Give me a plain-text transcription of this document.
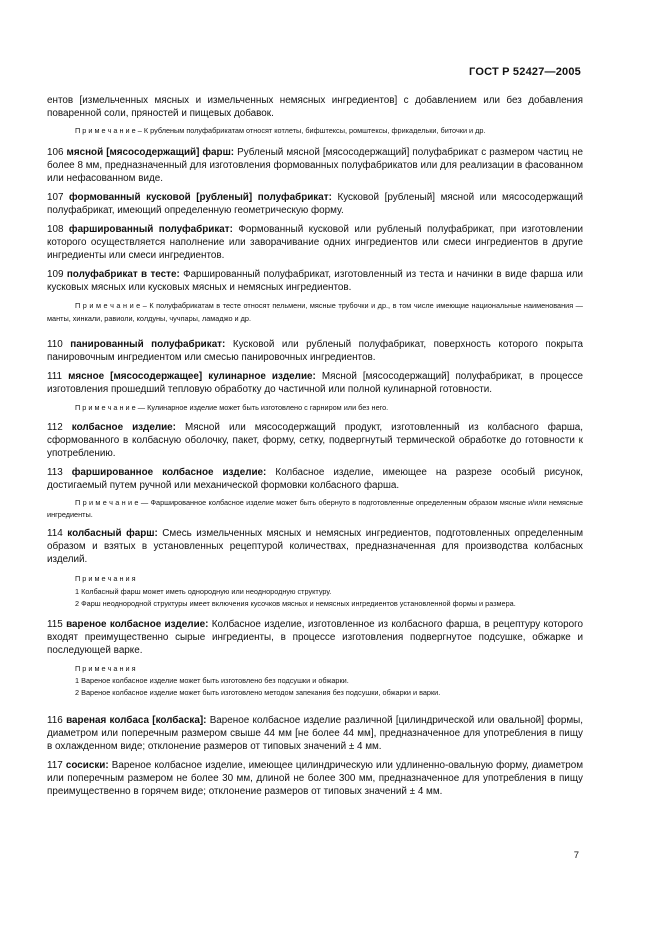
ГОСТ Р 52427—2005

ентов [измельченных мясных и измельченных немясных ингредиентов] с добавлением или без добавления поваренной соли, пряностей и пищевых добавок.

П р и м е ч а н и е – К рубленым полуфабрикатам относят котлеты, бифштексы, ромштексы, фрикадельки, биточки и др.

106 мясной [мясосодержащий] фарш: Рубленый мясной [мясосодержащий] полуфабрикат с размером частиц не более 8 мм, предназначенный для изготовления формованных полуфабрикатов или для реализации в фасованном или нефасованном виде.

107 формованный кусковой [рубленый] полуфабрикат: Кусковой [рубленый] мясной или мясосодержащий полуфабрикат, имеющий определенную геометрическую форму.

108 фаршированный полуфабрикат: Формованный кусковой или рубленый полуфабрикат, при изготовлении которого осуществляется наполнение или заворачивание одних ингредиентов или смеси ингредиентов в другие ингредиенты или смеси ингредиентов.

109 полуфабрикат в тесте: Фаршированный полуфабрикат, изготовленный из теста и начинки в виде фарша или кусковых мясных или кусковых мясных и немясных ингредиентов.

П р и м е ч а н и е – К полуфабрикатам в тесте относят пельмени, мясные трубочки и др., в том числе имеющие национальные наименования — манты, хинкали, равиоли, колдуны, чучпары, ламаджо и др.

110 панированный полуфабрикат: Кусковой или рубленый полуфабрикат, поверхность которого покрыта панировочным ингредиентом или смесью панировочных ингредиентов.

111 мясное [мясосодержащее] кулинарное изделие: Мясной [мясосодержащий] полуфабрикат, в процессе изготовления прошедший тепловую обработку до частичной или полной кулинарной готовности.

П р и м е ч а н и е — Кулинарное изделие может быть изготовлено с гарниром или без него.

112 колбасное изделие: Мясной или мясосодержащий продукт, изготовленный из колбасного фарша, сформованного в колбасную оболочку, пакет, форму, сетку, подвергнутый термической обработке до готовности к употреблению.

113 фаршированное колбасное изделие: Колбасное изделие, имеющее на разрезе особый рисунок, достигаемый путем ручной или механической формовки колбасного фарша.

П р и м е ч а н и е — Фаршированное колбасное изделие может быть обернуто в подготовленные определенным образом мясные и/или немясные ингредиенты.

114 колбасный фарш: Смесь измельченных мясных и немясных ингредиентов, подготовленных определенным образом и взятых в установленных рецептурой количествах, предназначенная для производства колбасных изделий.

П р и м е ч а н и я
1 Колбасный фарш может иметь однородную или неоднородную структуру.
2 Фарш неоднородной структуры имеет включения кусочков мясных и немясных ингредиентов установленной формы и размера.

115 вареное колбасное изделие: Колбасное изделие, изготовленное из колбасного фарша, в рецептуру которого входят преимущественно сырые ингредиенты, в процессе изготовления подвергнутое подсушке, обжарке и последующей варке.

П р и м е ч а н и я
1 Вареное колбасное изделие может быть изготовлено без подсушки и обжарки.
2 Вареное колбасное изделие может быть изготовлено методом запекания без подсушки, обжарки и варки.

116 вареная колбаса [колбаска]: Вареное колбасное изделие различной [цилиндрической или овальной] формы, диаметром или поперечным размером свыше 44 мм [не более 44 мм], предназначенное для употребления в пищу в охлажденном виде; отклонение размеров от типовых значений ± 4 мм.

117 сосиски: Вареное колбасное изделие, имеющее цилиндрическую или удлиненно-овальную форму, диаметром или поперечным размером не более 30 мм, длиной не более 300 мм, предназначенное для употребления в пищу преимущественно в горячем виде; отклонение размеров от типовых значений ± 4 мм.

7
